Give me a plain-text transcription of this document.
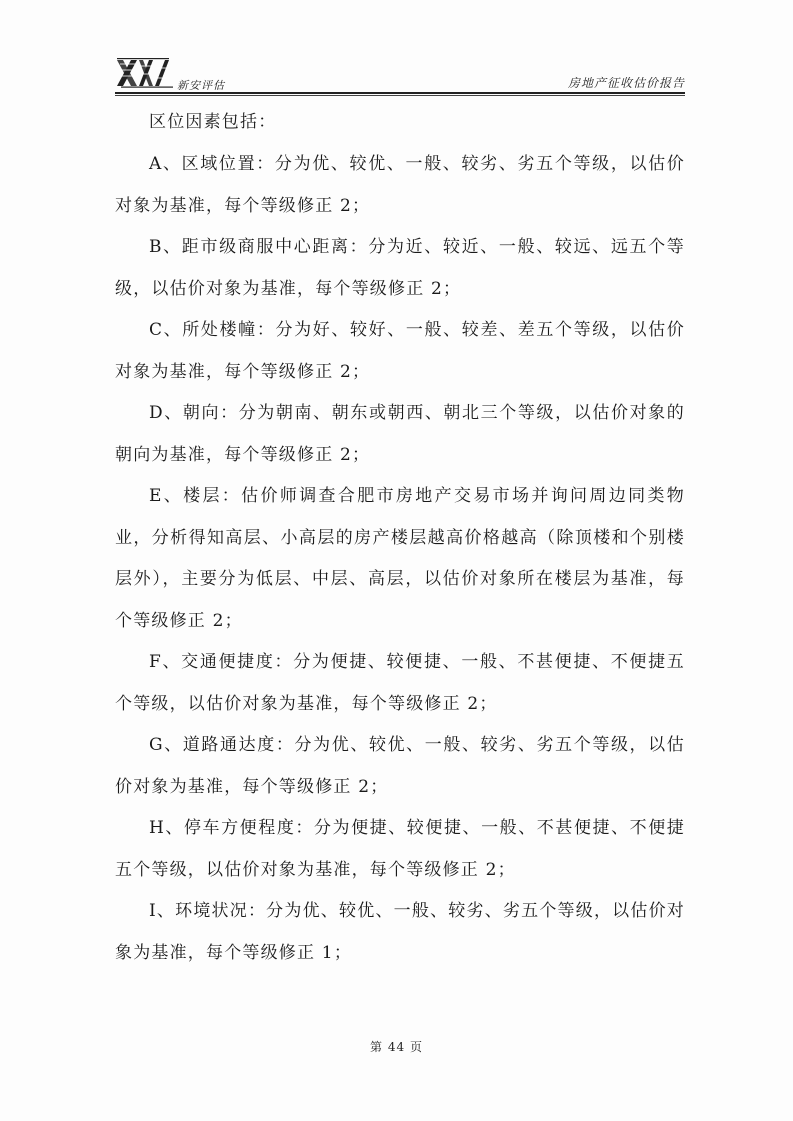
新安评估	房地产征收估价报告

区位因素包括：

A、区域位置：分为优、较优、一般、较劣、劣五个等级，以估价对象为基准，每个等级修正 2；

B、距市级商服中心距离：分为近、较近、一般、较远、远五个等级，以估价对象为基准，每个等级修正 2；

C、所处楼幢：分为好、较好、一般、较差、差五个等级，以估价对象为基准，每个等级修正 2；

D、朝向：分为朝南、朝东或朝西、朝北三个等级，以估价对象的朝向为基准，每个等级修正 2；

E、楼层：估价师调查合肥市房地产交易市场并询问周边同类物业，分析得知高层、小高层的房产楼层越高价格越高（除顶楼和个别楼层外），主要分为低层、中层、高层，以估价对象所在楼层为基准，每个等级修正 2；

F、交通便捷度：分为便捷、较便捷、一般、不甚便捷、不便捷五个等级，以估价对象为基准，每个等级修正 2；

G、道路通达度：分为优、较优、一般、较劣、劣五个等级，以估价对象为基准，每个等级修正 2；

H、停车方便程度：分为便捷、较便捷、一般、不甚便捷、不便捷五个等级，以估价对象为基准，每个等级修正 2；

I、环境状况：分为优、较优、一般、较劣、劣五个等级，以估价对象为基准，每个等级修正 1；

第 44 页
